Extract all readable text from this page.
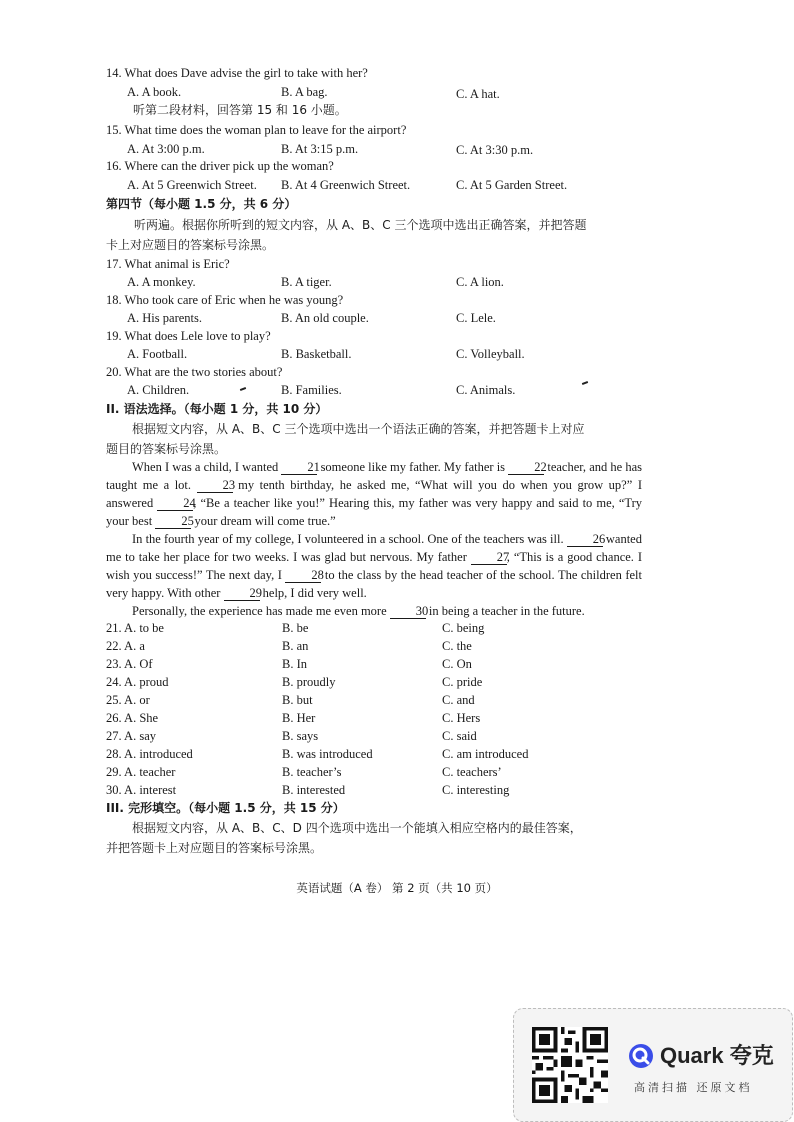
14. What does Dave advise the girl to take with her?
A. A book.	B. A bag.	C. A hat.
听第二段材料，回答第 15 和 16 小题。
15. What time does the woman plan to leave for the airport?
A. At 3:00 p.m.	B. At 3:15 p.m.	C. At 3:30 p.m.
16. Where can the driver pick up the woman?
A. At 5 Greenwich Street. B. At 4 Greenwich Street.	C. At 5 Garden Street.
第四节（每小题 1.5 分，共 6 分）
听两遍。根据你所听到的短文内容，从 A、B、C 三个选项中选出正确答案，并把答题
卡上对应题目的答案标号涂黑。
17. What animal is Eric?
A. A monkey.	B. A tiger.	C. A lion.
18. Who took care of Eric when he was young?
A. His parents.	B. An old couple.	C. Lele.
19. What does Lele love to play?
A. Football.	B. Basketball.	C. Volleyball.
20. What are the two stories about?
A. Children.	B. Families.	C. Animals.
II. 语法选择。（每小题 1 分，共 10 分）
根据短文内容，从 A、B、C 三个选项中选出一个语法正确的答案，并把答题卡上对应
题目的答案标号涂黑。

When I was a child, I wanted 21 someone like my father. My father is 22 teacher, and he has taught me a lot. 23 my tenth birthday, he asked me, “What will you do when you grow up?” I answered 24, “Be a teacher like you!” Hearing this, my father was very happy and said to me, “Try your best 25 your dream will come true.”

In the fourth year of my college, I volunteered in a school. One of the teachers was ill. 26 wanted me to take her place for two weeks. I was glad but nervous. My father 27, “This is a good chance. I wish you success!” The next day, I 28 to the class by the head teacher of the school. The children felt very happy. With other 29 help, I did very well.

Personally, the experience has made me even more 30 in being a teacher in the future.

21. A. to be	B. be	C. being
22. A. a	B. an	C. the
23. A. Of	B. In	C. On
24. A. proud	B. proudly	C. pride
25. A. or	B. but	C. and
26. A. She	B. Her	C. Hers
27. A. say	B. says	C. said
28. A. introduced	B. was introduced	C. am introduced
29. A. teacher	B. teacher’s	C. teachers’
30. A. interest	B. interested	C. interesting
III. 完形填空。（每小题 1.5 分，共 15 分）
根据短文内容，从 A、B、C、D 四个选项中选出一个能填入相应空格内的最佳答案，
并把答题卡上对应题目的答案标号涂黑。
英语试题（A 卷） 第 2 页（共 10 页）
Quark 夸克
高清扫描 还原文档
